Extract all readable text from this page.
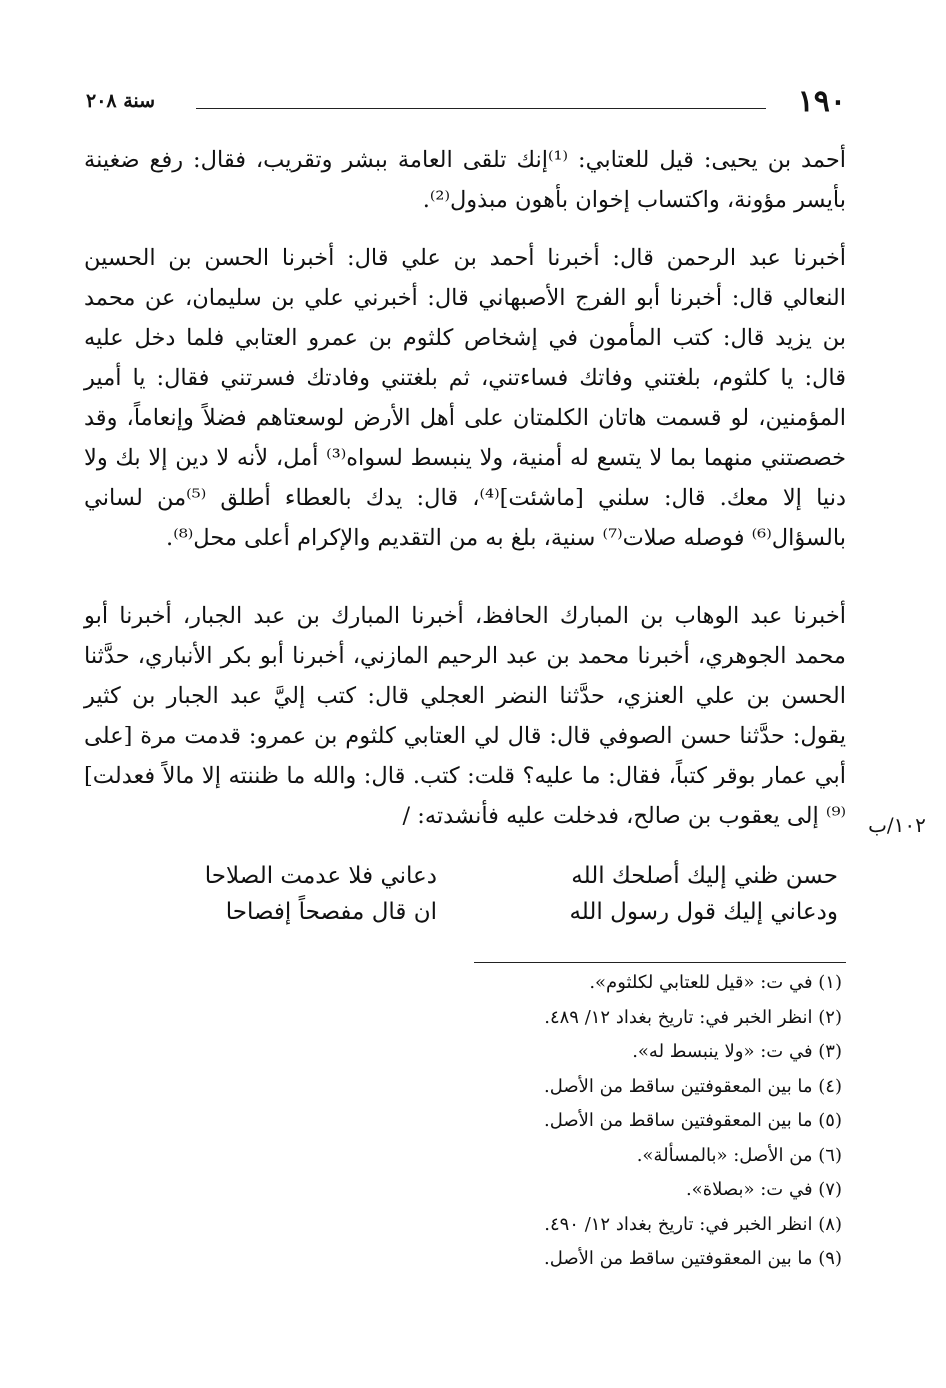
١٩٠
سنة ٢٠٨

أحمد بن يحيى: قيل للعتابي: ⁽¹⁾إنك تلقى العامة ببشر وتقريب، فقال: رفع ضغينة بأيسر مؤونة، واكتساب إخوان بأهون مبذول⁽²⁾.

أخبرنا عبد الرحمن قال: أخبرنا أحمد بن علي قال: أخبرنا الحسن بن الحسين النعالي قال: أخبرنا أبو الفرج الأصبهاني قال: أخبرني علي بن سليمان، عن محمد بن يزيد قال: كتب المأمون في إشخاص كلثوم بن عمرو العتابي فلما دخل عليه قال: يا كلثوم، بلغتني وفاتك فساءتني، ثم بلغتني وفادتك فسرتني فقال: يا أمير المؤمنين، لو قسمت هاتان الكلمتان على أهل الأرض لوسعتاهم فضلاً وإنعاماً، وقد خصصتني منهما بما لا يتسع له أمنية، ولا ينبسط لسواه⁽³⁾ أمل، لأنه لا دين إلا بك ولا دنيا إلا معك. قال: سلني [ماشئت]⁽⁴⁾، قال: يدك بالعطاء أطلق ⁽⁵⁾من لساني بالسؤال⁽⁶⁾ فوصله صلات⁽⁷⁾ سنية، بلغ به من التقديم والإكرام أعلى محل⁽⁸⁾.

أخبرنا عبد الوهاب بن المبارك الحافظ، أخبرنا المبارك بن عبد الجبار، أخبرنا أبو محمد الجوهري، أخبرنا محمد بن عبد الرحيم المازني، أخبرنا أبو بكر الأنباري، حدَّثنا الحسن بن علي العنزي، حدَّثنا النضر العجلي قال: كتب إليَّ عبد الجبار بن كثير يقول: حدَّثنا حسن الصوفي قال: قال لي العتابي كلثوم بن عمرو: قدمت مرة [على أبي عمار بوقر كتباً، فقال: ما عليه؟ قلت: كتب. قال: والله ما ظننته إلا مالاً فعدلت]⁽⁹⁾ إلى يعقوب بن صالح، فدخلت عليه فأنشدته: /	١٠٢/ب
حسن ظني إليك أصلحك الله
دعاني فلا عدمت الصلاحا
ودعاني إليك قول رسول الله
ان قال مفصحاً إفصاحا
(١) في ت: «قيل للعتابي لكلثوم».
(٢) انظر الخبر في: تاريخ بغداد ١٢/ ٤٨٩.
(٣) في ت: «ولا ينبسط له».
(٤) ما بين المعقوفتين ساقط من الأصل.
(٥) ما بين المعقوفتين ساقط من الأصل.
(٦) من الأصل: «بالمسألة».
(٧) في ت: «بصلاة».
(٨) انظر الخبر في: تاريخ بغداد ١٢/ ٤٩٠.
(٩) ما بين المعقوفتين ساقط من الأصل.
